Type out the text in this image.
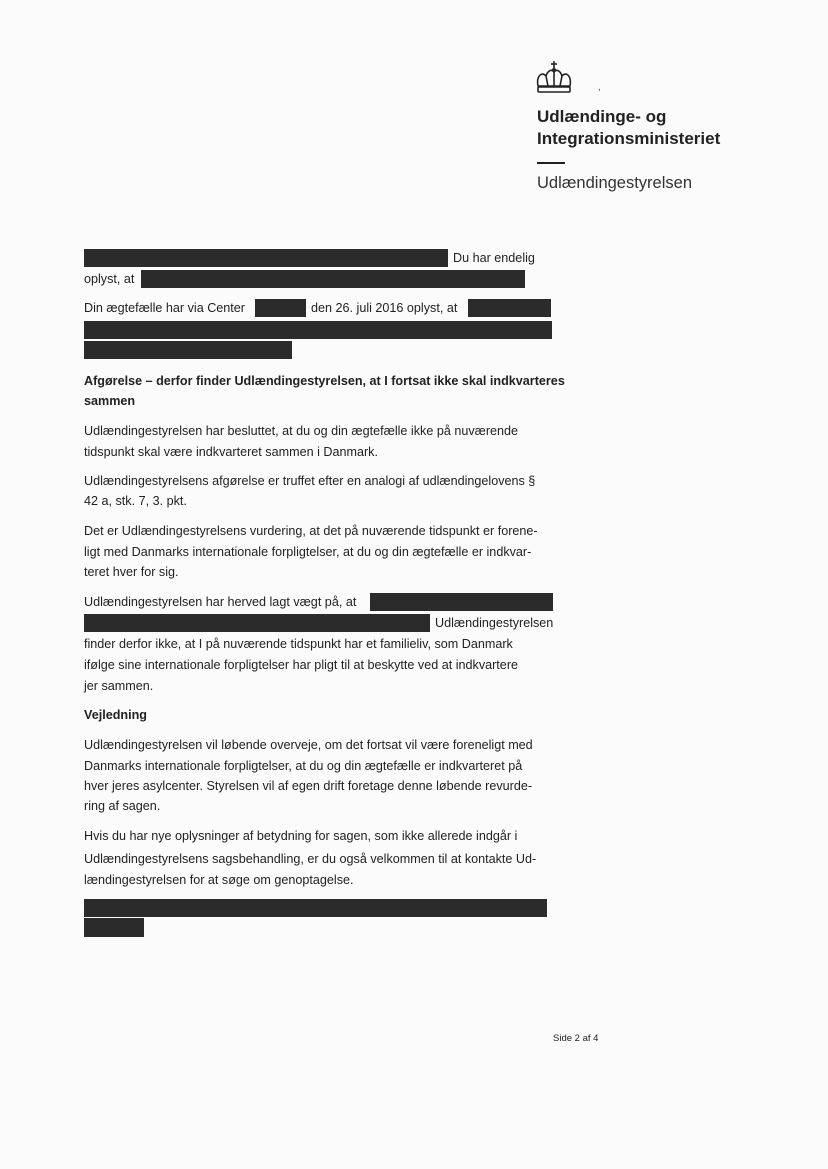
,
Udlændinge- og
Integrationsministeriet
Udlændingestyrelsen
Du har endelig
oplyst, at
Din ægtefælle har via Center	den 26. juli 2016 oplyst, at
Afgørelse – derfor finder Udlændingestyrelsen, at I fortsat ikke skal indkvarteres
sammen
Udlændingestyrelsen har besluttet, at du og din ægtefælle ikke på nuværende
tidspunkt skal være indkvarteret sammen i Danmark.
Udlændingestyrelsens afgørelse er truffet efter en analogi af udlændingelovens §
42 a, stk. 7, 3. pkt.
Det er Udlændingestyrelsens vurdering, at det på nuværende tidspunkt er forene-
ligt med Danmarks internationale forpligtelser, at du og din ægtefælle er indkvar-
teret hver for sig.
Udlændingestyrelsen har herved lagt vægt på, at
Udlændingestyrelsen
finder derfor ikke, at I på nuværende tidspunkt har et familieliv, som Danmark
ifølge sine internationale forpligtelser har pligt til at beskytte ved at indkvartere
jer sammen.
Vejledning
Udlændingestyrelsen vil løbende overveje, om det fortsat vil være foreneligt med
Danmarks internationale forpligtelser, at du og din ægtefælle er indkvarteret på
hver jeres asylcenter. Styrelsen vil af egen drift foretage denne løbende revurde-
ring af sagen.
Hvis du har nye oplysninger af betydning for sagen, som ikke allerede indgår i
Udlændingestyrelsens sagsbehandling, er du også velkommen til at kontakte Ud-
lændingestyrelsen for at søge om genoptagelse.
Side 2 af 4
